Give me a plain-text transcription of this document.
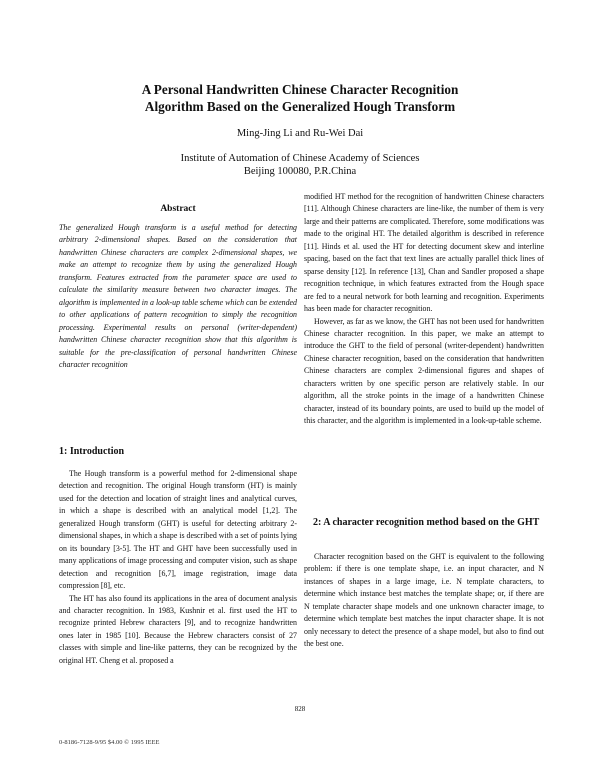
A Personal Handwritten Chinese Character Recognition
Algorithm Based on the Generalized Hough Transform
Ming-Jing Li and Ru-Wei Dai
Institute of Automation of Chinese Academy of Sciences
Beijing 100080, P.R.China
Abstract

The generalized Hough transform is a useful method for detecting arbitrary 2-dimensional shapes. Based on the consideration that handwritten Chinese characters are complex 2-dimensional shapes, we make an attempt to recognize them by using the generalized Hough transform. Features extracted from the parameter space are used to calculate the similarity measure between two character images. The algorithm is implemented in a look-up table scheme which can be extended to other applications of pattern recognition to simply the recognition processing. Experimental results on personal (writer-dependent) handwritten Chinese character recognition show that this algorithm is suitable for the pre-classification of personal handwritten Chinese character recognition

1: Introduction

The Hough transform is a powerful method for 2-dimensional shape detection and recognition. The original Hough transform (HT) is mainly used for the detection and location of straight lines and analytical curves, in which a shape is described with an analytical model [1,2]. The generalized Hough transform (GHT) is useful for detecting arbitrary 2-dimensional shapes, in which a shape is described with a set of points lying on its boundary [3-5]. The HT and GHT have been successfully used in many applications of image processing and computer vision, such as shape detection and recognition [6,7], image registration, image data compression [8], etc.

The HT has also found its applications in the area of document analysis and character recognition. In 1983, Kushnir et al. first used the HT to recognize printed Hebrew characters [9], and to recognize handwritten ones later in 1985 [10]. Because the Hebrew characters consist of 27 classes with simple and line-like patterns, they can be recognized by the original HT. Cheng et al. proposed a

modified HT method for the recognition of handwritten Chinese characters [11]. Although Chinese characters are line-like, the number of them is very large and their patterns are complicated. Therefore, some modifications was made to the original HT. The detailed algorithm is described in reference [11]. Hinds et al. used the HT for detecting document skew and interline spacing, based on the fact that text lines are actually parallel thick lines of sparse density [12]. In reference [13], Chan and Sandler proposed a shape recognition technique, in which features extracted from the Hough space are fed to a neural network for both learning and recognition. Experiments has been made for character recognition.

However, as far as we know, the GHT has not been used for handwritten Chinese character recognition. In this paper, we make an attempt to introduce the GHT to the field of personal (writer-dependent) handwritten Chinese character recognition, based on the consideration that handwritten Chinese characters are complex 2-dimensional figures and shapes of characters written by one specific person are relatively stable. In our algorithm, all the stroke points in the image of a handwritten Chinese character, instead of its boundary points, are used to build up the model of this character, and the algorithm is implemented in a look-up-table scheme.

2: A character recognition method based on the GHT

Character recognition based on the GHT is equivalent to the following problem: if there is one template shape, i.e. an input character, and N instances of shapes in a large image, i.e. N template characters, to determine which instance best matches the template shape; or, if there are N template character shape models and one unknown character image, to determine which template best matches the input character shape. It is not only necessary to detect the presence of a shape model, but also to find out the best one.

828
0-8186-7128-9/95 $4.00 © 1995 IEEE
